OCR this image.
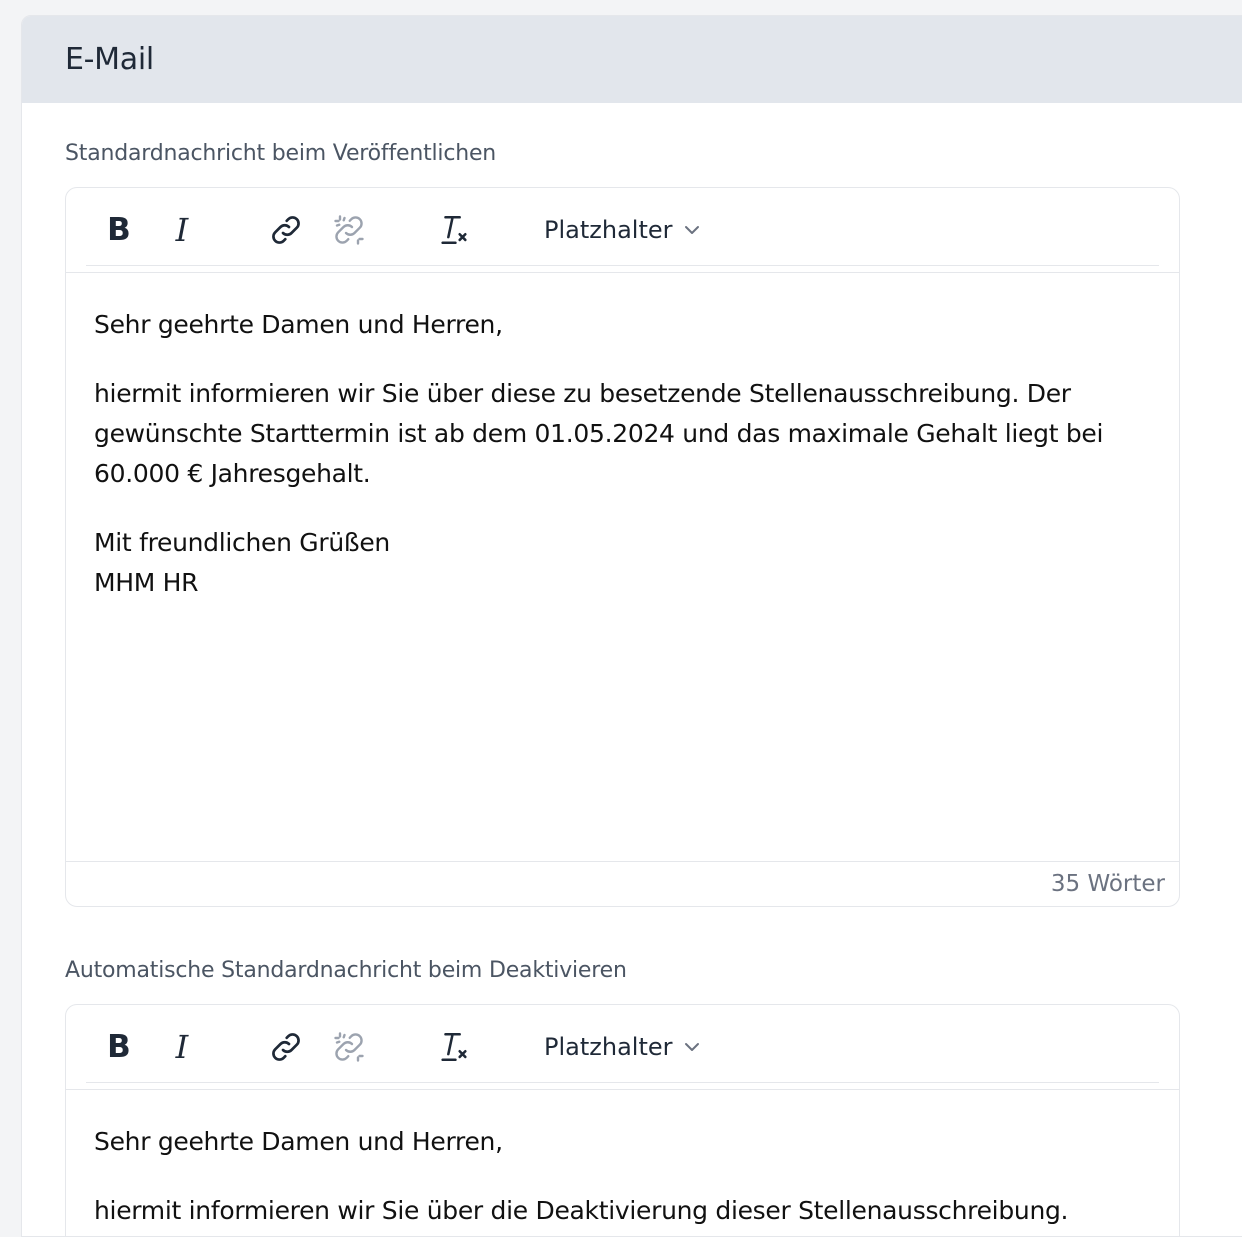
E-Mail
Standardnachricht beim Veröffentlichen
B I	Platzhalter

Sehr geehrte Damen und Herren,

hiermit informieren wir Sie über diese zu besetzende Stellenausschreibung. Der gewünschte Starttermin ist ab dem 01.05.2024 und das maximale Gehalt liegt bei 60.000 € Jahresgehalt.

Mit freundlichen Grüßen
MHM HR

35 Wörter
Automatische Standardnachricht beim Deaktivieren
B I	Platzhalter

Sehr geehrte Damen und Herren,

hiermit informieren wir Sie über die Deaktivierung dieser Stellenausschreibung.
